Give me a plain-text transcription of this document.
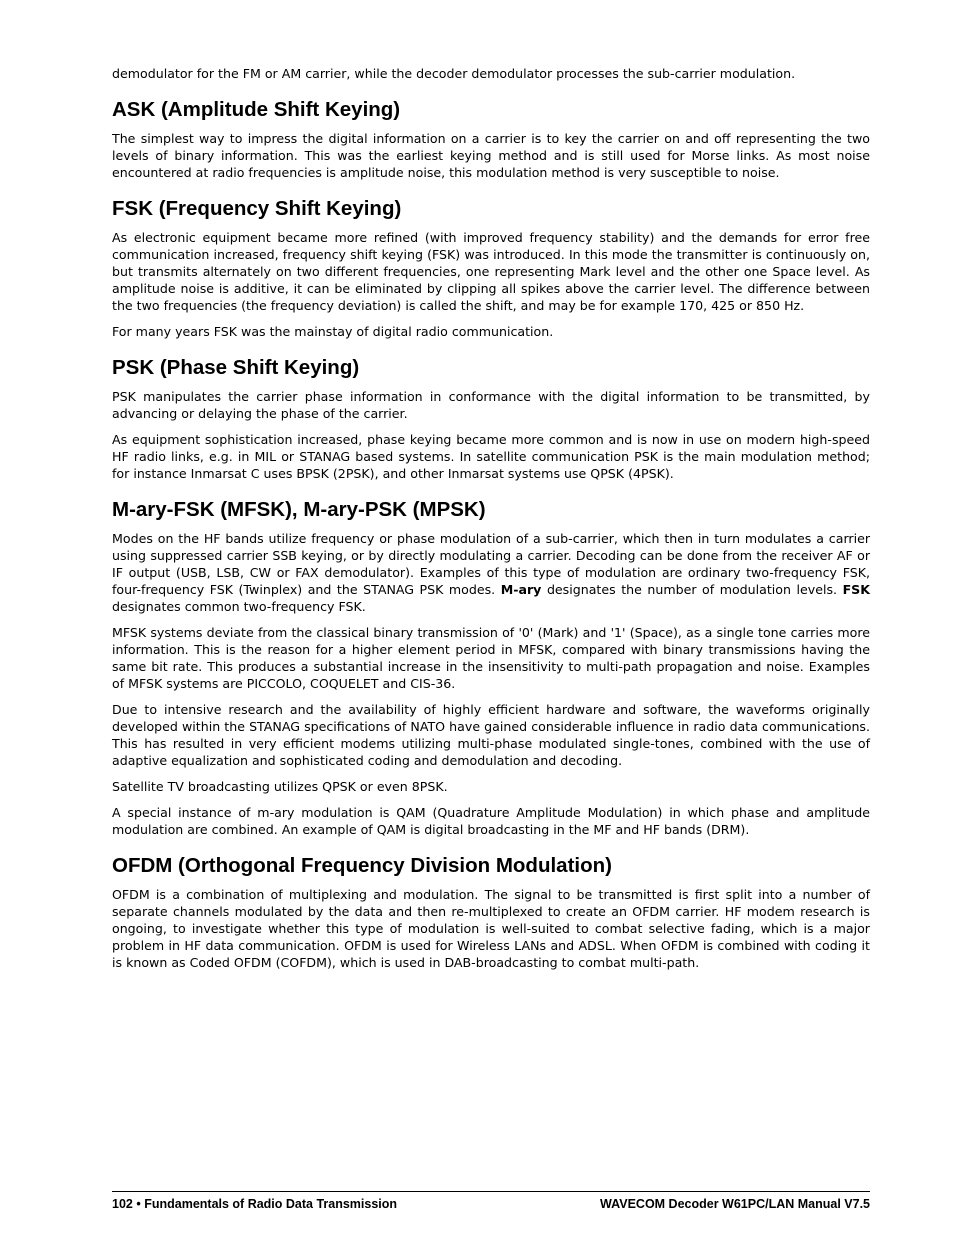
demodulator for the FM or AM carrier, while the decoder demodulator processes the sub-carrier modulation.

ASK (Amplitude Shift Keying)

The simplest way to impress the digital information on a carrier is to key the carrier on and off representing the two levels of binary information. This was the earliest keying method and is still used for Morse links. As most noise encountered at radio frequencies is amplitude noise, this modulation method is very susceptible to noise.

FSK (Frequency Shift Keying)

As electronic equipment became more refined (with improved frequency stability) and the demands for error free communication increased, frequency shift keying (FSK) was introduced. In this mode the transmitter is continuously on, but transmits alternately on two different frequencies, one representing Mark level and the other one Space level. As amplitude noise is additive, it can be eliminated by clipping all spikes above the carrier level. The difference between the two frequencies (the frequency deviation) is called the shift, and may be for example 170, 425 or 850 Hz.

For many years FSK was the mainstay of digital radio communication.

PSK (Phase Shift Keying)

PSK manipulates the carrier phase information in conformance with the digital information to be transmitted, by advancing or delaying the phase of the carrier.

As equipment sophistication increased, phase keying became more common and is now in use on modern high-speed HF radio links, e.g. in MIL or STANAG based systems. In satellite communication PSK is the main modulation method; for instance Inmarsat C uses BPSK (2PSK), and other Inmarsat systems use QPSK (4PSK).

M-ary-FSK (MFSK), M-ary-PSK (MPSK)

Modes on the HF bands utilize frequency or phase modulation of a sub-carrier, which then in turn modulates a carrier using suppressed carrier SSB keying, or by directly modulating a carrier. Decoding can be done from the receiver AF or IF output (USB, LSB, CW or FAX demodulator). Examples of this type of modulation are ordinary two-frequency FSK, four-frequency FSK (Twinplex) and the STANAG PSK modes. M-ary designates the number of modulation levels. FSK designates common two-frequency FSK.

MFSK systems deviate from the classical binary transmission of '0' (Mark) and '1' (Space), as a single tone carries more information. This is the reason for a higher element period in MFSK, compared with binary transmissions having the same bit rate. This produces a substantial increase in the insensitivity to multi-path propagation and noise. Examples of MFSK systems are PICCOLO, COQUELET and CIS-36.

Due to intensive research and the availability of highly efficient hardware and software, the waveforms originally developed within the STANAG specifications of NATO have gained considerable influence in radio data communications. This has resulted in very efficient modems utilizing multi-phase modulated single-tones, combined with the use of adaptive equalization and sophisticated coding and demodulation and decoding.

Satellite TV broadcasting utilizes QPSK or even 8PSK.

A special instance of m-ary modulation is QAM (Quadrature Amplitude Modulation) in which phase and amplitude modulation are combined. An example of QAM is digital broadcasting in the MF and HF bands (DRM).

OFDM (Orthogonal Frequency Division Modulation)

OFDM is a combination of multiplexing and modulation. The signal to be transmitted is first split into a number of separate channels modulated by the data and then re-multiplexed to create an OFDM carrier. HF modem research is ongoing, to investigate whether this type of modulation is well-suited to combat selective fading, which is a major problem in HF data communication. OFDM is used for Wireless LANs and ADSL. When OFDM is combined with coding it is known as Coded OFDM (COFDM), which is used in DAB-broadcasting to combat multi-path.

102 • Fundamentals of Radio Data Transmission	WAVECOM Decoder W61PC/LAN Manual V7.5
